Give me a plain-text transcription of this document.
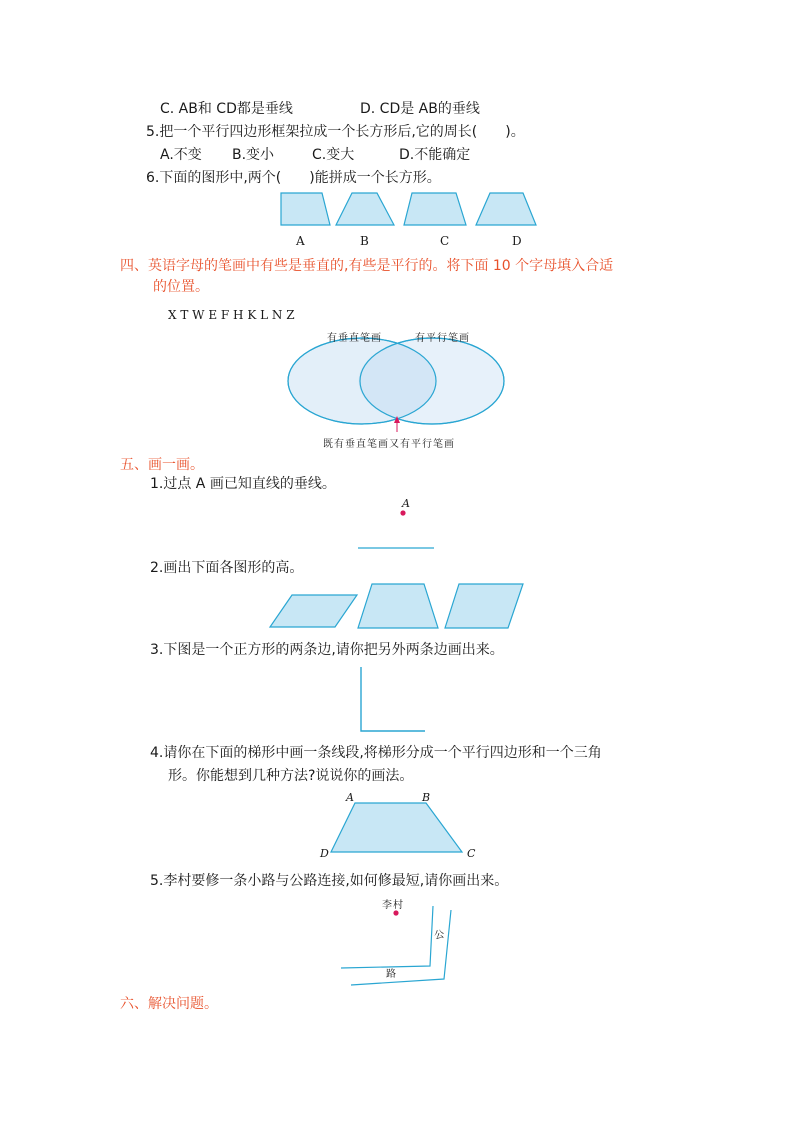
C. AB和 CD都是垂线	D. CD是 AB的垂线
5.把一个平行四边形框架拉成一个长方形后,它的周长(　　)。
A.不变 B.变小	C.变大	D.不能确定
6.下面的图形中,两个(　　)能拼成一个长方形。
四、英语字母的笔画中有些是垂直的,有些是平行的。将下面 10 个字母填入合适
的位置。
X T W E F H K L N Z
五、画一画。
1.过点 A 画已知直线的垂线。
2.画出下面各图形的高。
3.下图是一个正方形的两条边,请你把另外两条边画出来。
4.请你在下面的梯形中画一条线段,将梯形分成一个平行四边形和一个三角
形。你能想到几种方法?说说你的画法。
5.李村要修一条小路与公路连接,如何修最短,请你画出来。
六、解决问题。
A	B	C	D
有垂直笔画	有平行笔画
既有垂直笔画又有平行笔画
A
A	B
C
D
李村
公
路
